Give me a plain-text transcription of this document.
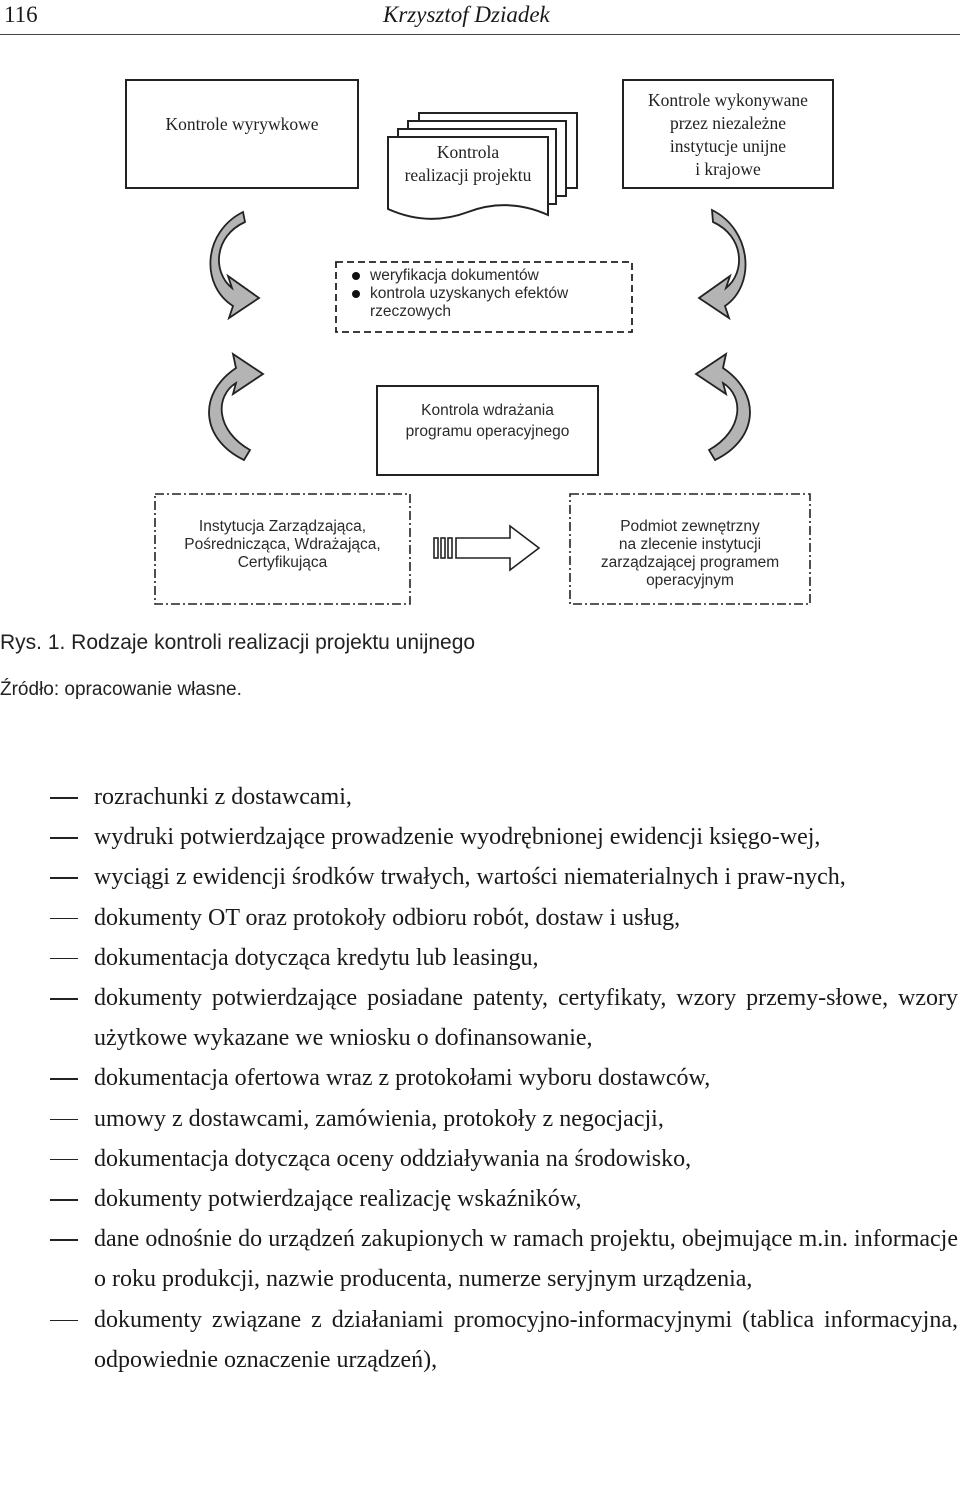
116	Krzysztof Dziadek
Kontrole wyrywkowe
Kontrola
realizacji projektu
Kontrole wykonywane
przez niezależne
instytucje unijne
i krajowe
weryfikacja dokumentów
kontrola uzyskanych efektów
rzeczowych
Kontrola wdrażania
programu operacyjnego
Instytucja Zarządzająca,
Pośrednicząca, Wdrażająca,
Certyfikująca
Podmiot zewnętrzny
na zlecenie instytucji
zarządzającej programem
operacyjnym
Rys. 1. Rodzaje kontroli realizacji projektu unijnego
Źródło: opracowanie własne.
rozrachunki z dostawcami,
wydruki potwierdzające prowadzenie wyodrębnionej ewidencji księgo-wej,
wyciągi z ewidencji środków trwałych, wartości niematerialnych i praw-nych,
dokumenty OT oraz protokoły odbioru robót, dostaw i usług,
dokumentacja dotycząca kredytu lub leasingu,
dokumenty potwierdzające posiadane patenty, certyfikaty, wzory przemy-słowe, wzory użytkowe wykazane we wniosku o dofinansowanie,
dokumentacja ofertowa wraz z protokołami wyboru dostawców,
umowy z dostawcami, zamówienia, protokoły z negocjacji,
dokumentacja dotycząca oceny oddziaływania na środowisko,
dokumenty potwierdzające realizację wskaźników,
dane odnośnie do urządzeń zakupionych w ramach projektu, obejmujące m.in. informacje o roku produkcji, nazwie producenta, numerze seryjnym urządzenia,
dokumenty związane z działaniami promocyjno-informacyjnymi (tablica informacyjna, odpowiednie oznaczenie urządzeń),
